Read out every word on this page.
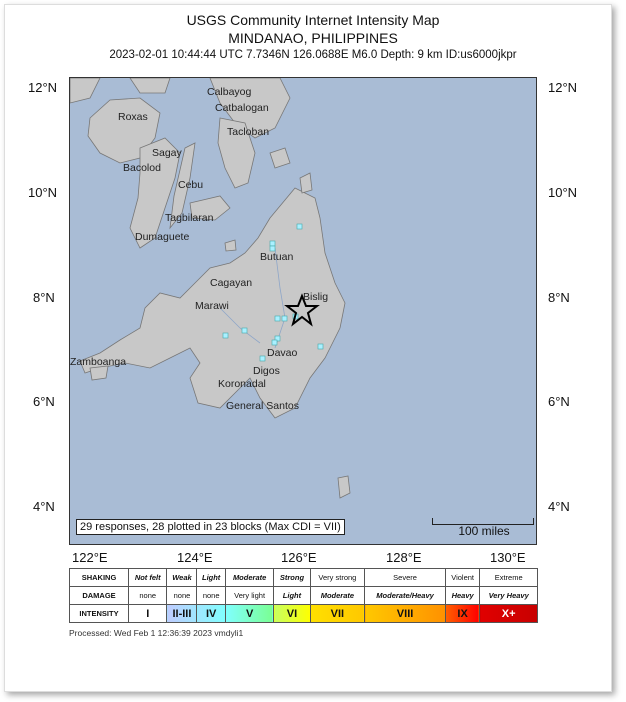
USGS Community Internet Intensity Map
MINDANAO, PHILIPPINES
2023-02-01 10:44:44 UTC 7.7346N 126.0688E M6.0 Depth: 9 km ID:us6000jkpr
12°N
10°N
8°N
6°N
4°N
12°N
10°N
8°N
6°N
4°N
122°E	124°E	126°E	128°E	130°E
Calbayog
Catbalogan
Roxas
Tacloban
Sagay
Bacolod
Cebu
Tagbilaran
Dumaguete
Butuan
Cagayan
Bislig
Marawi
Davao
Digos
Zamboanga
Koronadal
General Santos
29 responses, 28 plotted in 23 blocks (Max CDI = VII)	100 miles
SHAKING	Not felt	Weak	Light	Moderate	Strong	Very strong	Severe	Violent	Extreme
DAMAGE	none	none	none	Very light	Light	Moderate	Moderate/Heavy	Heavy	Very Heavy
INTENSITY	I	II-III	IV	V	VI	VII	VIII	IX	X+
Processed: Wed Feb 1 12:36:39 2023 vmdyli1
